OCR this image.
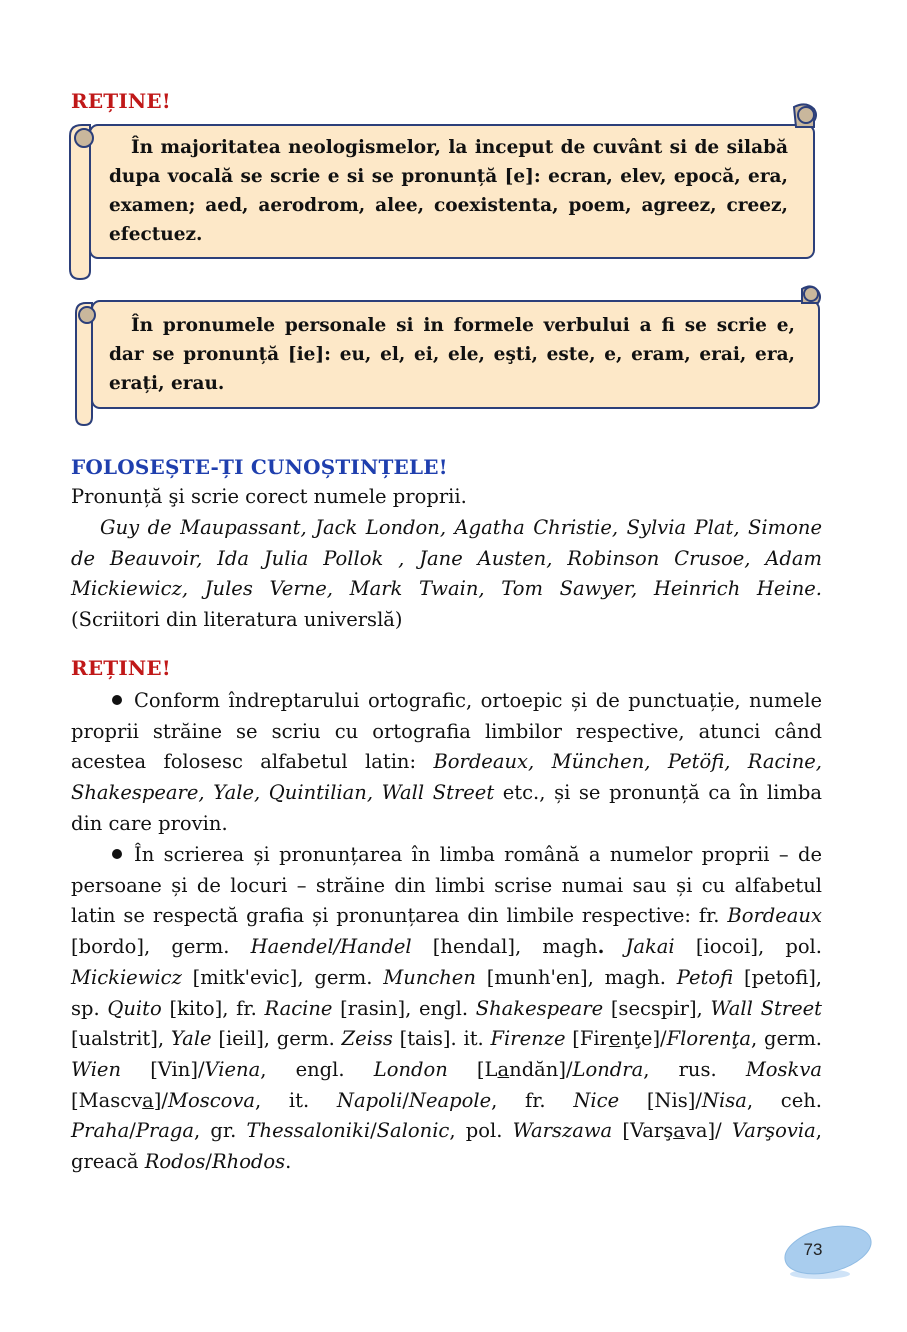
REȚINE!
În majoritatea neologismelor, la inceput de cuvânt si de silabă dupa vocală se scrie e si se pronunță [e]: ecran, elev, epocă, era, examen; aed, aerodrom, alee, coexistenta, poem, agreez, creez, efectuez.
În pronumele personale si in formele verbului a fi se scrie e, dar se pronunță [ie]: eu, el, ei, ele, eşti, este, e, eram, erai, era, erați, erau.
FOLOSEȘTE-ȚI CUNOȘTINȚELE!
Pronunță şi scrie corect numele proprii.
Guy de Maupassant, Jack London, Agatha Christie, Sylvia Plat, Simone de Beauvoir, Ida Julia Pollok , Jane Austen, Robinson Crusoe, Adam Mickiewicz, Jules Verne, Mark Twain, Tom Sawyer, Heinrich Heine. (Scriitori din literatura universlă)
REȚINE!
Conform îndreptarului ortografic, ortoepic și de punctuație, numele proprii străine se scriu cu ortografia limbilor respective, atunci când acestea folosesc alfabetul latin: Bordeaux, München, Petöfi, Racine, Shakespeare, Yale, Quintilian, Wall Street etc., și se pronunță ca în limba din care provin.
În scrierea și pronunțarea în limba română a numelor proprii – de persoane și de locuri – străine din limbi scrise numai sau și cu alfabetul latin se respectă grafia și pronunțarea din limbile respective: fr. Bordeaux [bordo], germ. Haendel/Handel [hendal], magh. Jakai [iocoi], pol. Mickiewicz [mitk'evic], germ. Munchen [munh'en], magh. Petofi [petofi], sp. Quito [kito], fr. Racine [rasin], engl. Shakespeare [secspir], Wall Street [ualstrit], Yale [ieil], germ. Zeiss [tais]. it. Firenze [Firenţe]/Florenţa, germ. Wien [Vin]/Viena, engl. London [Landăn]/Londra, rus. Moskva [Mascva]/Moscova, it. Napoli/Neapole, fr. Nice [Nis]/Nisa, ceh. Praha/Praga, gr. Thessaloniki/Salonic, pol. Warszawa [Varşava]/ Varşovia, greacă Rodos/Rhodos.
73
